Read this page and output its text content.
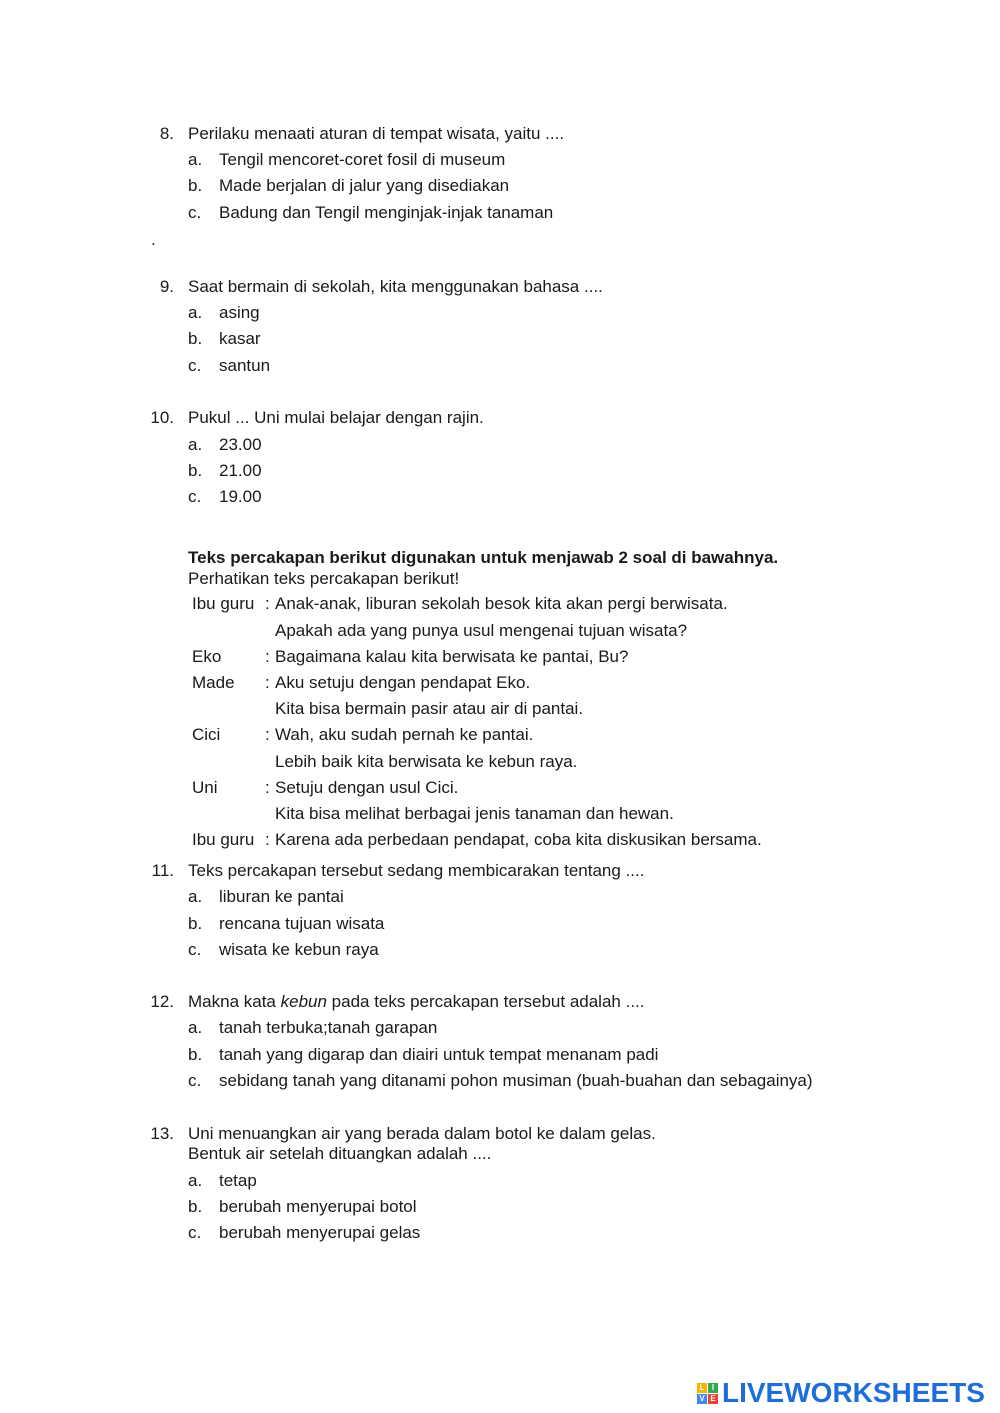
8. Perilaku menaati aturan di tempat wisata, yaitu ....
a. Tengil mencoret-coret fosil di museum
b. Made berjalan di jalur yang disediakan
c. Badung dan Tengil menginjak-injak tanaman
.
9. Saat bermain di sekolah, kita menggunakan bahasa ....
a. asing
b. kasar
c. santun
10. Pukul ... Uni mulai belajar dengan rajin.
a. 23.00
b. 21.00
c. 19.00
Teks percakapan berikut digunakan untuk menjawab 2 soal di bawahnya.
Perhatikan teks percakapan berikut!
Ibu guru : Anak-anak, liburan sekolah besok kita akan pergi berwisata.
Apakah ada yang punya usul mengenai tujuan wisata?
Eko	: Bagaimana kalau kita berwisata ke pantai, Bu?
Made : Aku setuju dengan pendapat Eko.
Kita bisa bermain pasir atau air di pantai.
Cici	: Wah, aku sudah pernah ke pantai.
Lebih baik kita berwisata ke kebun raya.
Uni	: Setuju dengan usul Cici.
Kita bisa melihat berbagai jenis tanaman dan hewan.
Ibu guru : Karena ada perbedaan pendapat, coba kita diskusikan bersama.
11. Teks percakapan tersebut sedang membicarakan tentang ....
a. liburan ke pantai
b. rencana tujuan wisata
c. wisata ke kebun raya
12. Makna kata kebun pada teks percakapan tersebut adalah ....
a. tanah terbuka;tanah garapan
b. tanah yang digarap dan diairi untuk tempat menanam padi
c. sebidang tanah yang ditanami pohon musiman (buah-buahan dan sebagainya)
13. Uni menuangkan air yang berada dalam botol ke dalam gelas.
Bentuk air setelah dituangkan adalah ....
a. tetap
b. berubah menyerupai botol
c. berubah menyerupai gelas
L I
V E LIVEWORKSHEETS
